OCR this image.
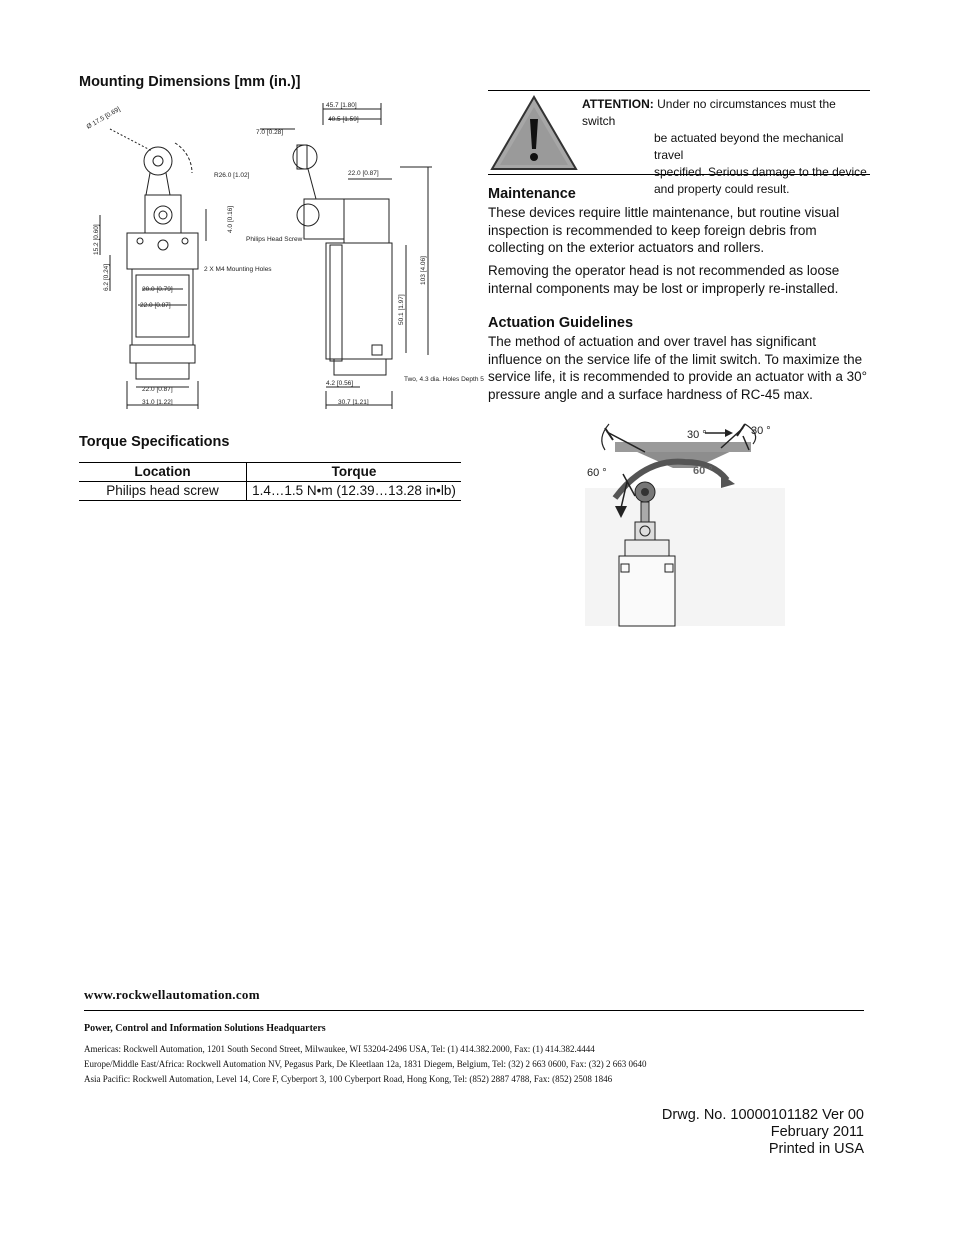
Mounting Dimensions [mm (in.)]
Ø 17.5 [0.69]
R26.0 [1.02]
45.7 [1.80]
40.5 [1.59]
7.0 [0.28]
22.0 [0.87]
4.0 [0.16]
15.2 [0.60]
6.2 [0.24]	2 X M4 Mounting Holes
Philips Head Screw
20.0 [0.79]
22.0 [0.87]
103 [4.06]
50.1 [1.97]
22.0 [0.87]
31.0 [1.22]
4.2 [0.56]
30.7 [1.21]
Two, 4.3 dia. Holes Depth 5
Torque Specifications
Location	Torque
Philips head screw	1.4…1.5 N•m (12.39…13.28 in•lb)
ATTENTION: Under no circumstances must the switch
be actuated beyond the mechanical travel
specified. Serious damage to the device
and property could result.
Maintenance
These devices require little maintenance, but routine visual inspection is recommended to keep foreign debris from collecting on the exterior actuators and rollers.
Removing the operator head is not recommended as loose internal components may be lost or improperly re-installed.
Actuation Guidelines
The method of actuation and over travel has significant influence on the service life of the limit switch. To maximize the service life, it is recommended to provide an actuator with a 30° pressure angle and a surface hardness of RC-45 max.
30 °	30 °
60 °	60 °
www.rockwellautomation.com
Power, Control and Information Solutions Headquarters
Americas: Rockwell Automation, 1201 South Second Street, Milwaukee, WI 53204-2496 USA, Tel: (1) 414.382.2000, Fax: (1) 414.382.4444
Europe/Middle East/Africa: Rockwell Automation NV, Pegasus Park, De Kleetlaan 12a, 1831 Diegem, Belgium, Tel: (32) 2 663 0600, Fax: (32) 2 663 0640
Asia Pacific: Rockwell Automation, Level 14, Core F, Cyberport 3, 100 Cyberport Road, Hong Kong, Tel: (852) 2887 4788, Fax: (852) 2508 1846
Drwg. No. 10000101182 Ver 00
February 2011
Printed in USA
